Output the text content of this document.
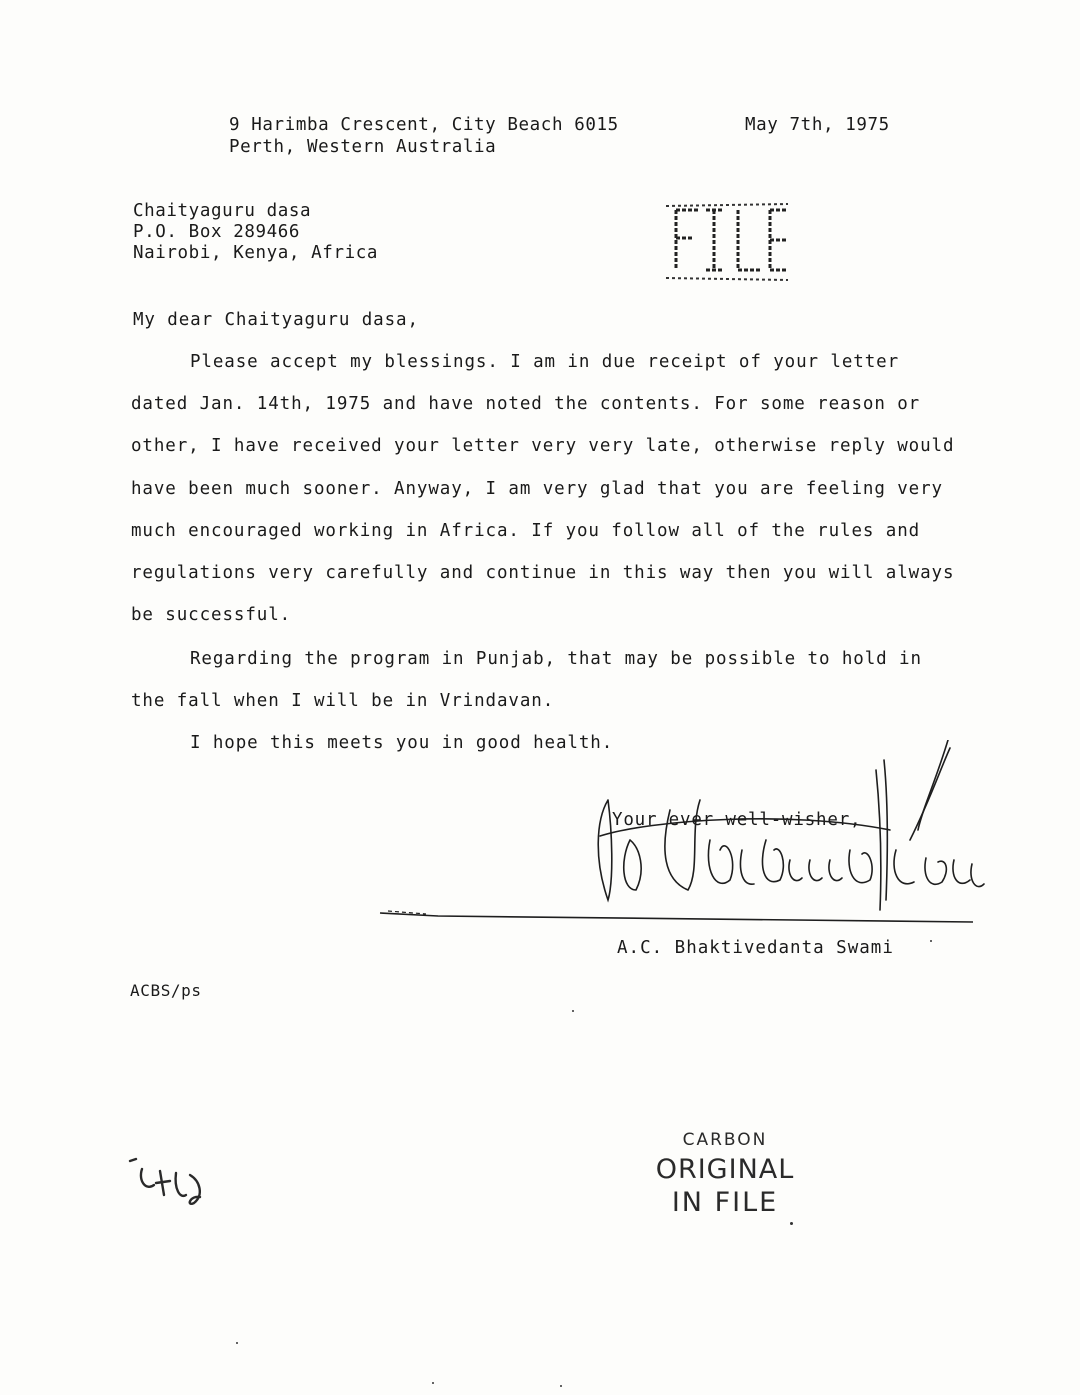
9 Harimba Crescent, City Beach 6015
Perth, Western Australia
May 7th, 1975
Chaityaguru dasa
P.O. Box 289466
Nairobi, Kenya, Africa
My dear Chaityaguru dasa,
Please accept my blessings. I am in due receipt of your letter
dated Jan. 14th, 1975 and have noted the contents. For some reason or
other, I have received your letter very very late, otherwise reply would
have been much sooner. Anyway, I am very glad that you are feeling very
much encouraged working in Africa. If you follow all of the rules and
regulations very carefully and continue in this way then you will always
be successful.
Regarding the program in Punjab, that may be possible to hold in
the fall when I will be in Vrindavan.
I hope this meets you in good health.
Your ever well-wisher,
A.C. Bhaktivedanta Swami
ACBS/ps
CARBON
ORIGINAL
IN FILE
